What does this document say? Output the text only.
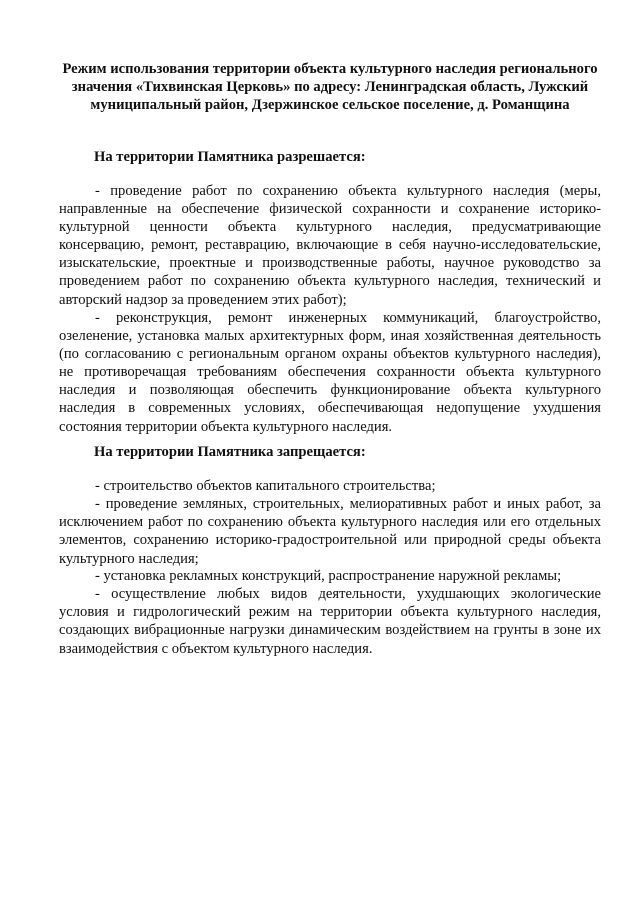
Режим использования территории объекта культурного наследия регионального значения «Тихвинская Церковь» по адресу: Ленинградская область, Лужский муниципальный район, Дзержинское сельское поселение, д. Романщина
На территории Памятника разрешается:

- проведение работ по сохранению объекта культурного наследия (меры, направленные на обеспечение физической сохранности и сохранение историко-культурной ценности объекта культурного наследия, предусматривающие консервацию, ремонт, реставрацию, включающие в себя научно-исследовательские, изыскательские, проектные и производственные работы, научное руководство за проведением работ по сохранению объекта культурного наследия, технический и авторский надзор за проведением этих работ);

- реконструкция, ремонт инженерных коммуникаций, благоустройство, озеленение, установка малых архитектурных форм, иная хозяйственная деятельность (по согласованию с региональным органом охраны объектов культурного наследия), не противоречащая требованиям обеспечения сохранности объекта культурного наследия и позволяющая обеспечить функционирование объекта культурного наследия в современных условиях, обеспечивающая недопущение ухудшения состояния территории объекта культурного наследия.

На территории Памятника запрещается:

- строительство объектов капитального строительства;

- проведение земляных, строительных, мелиоративных работ и иных работ, за исключением работ по сохранению объекта культурного наследия или его отдельных элементов, сохранению историко-градостроительной или природной среды объекта культурного наследия;

- установка рекламных конструкций, распространение наружной рекламы;

- осуществление любых видов деятельности, ухудшающих экологические условия и гидрологический режим на территории объекта культурного наследия, создающих вибрационные нагрузки динамическим воздействием на грунты в зоне их взаимодействия с объектом культурного наследия.
